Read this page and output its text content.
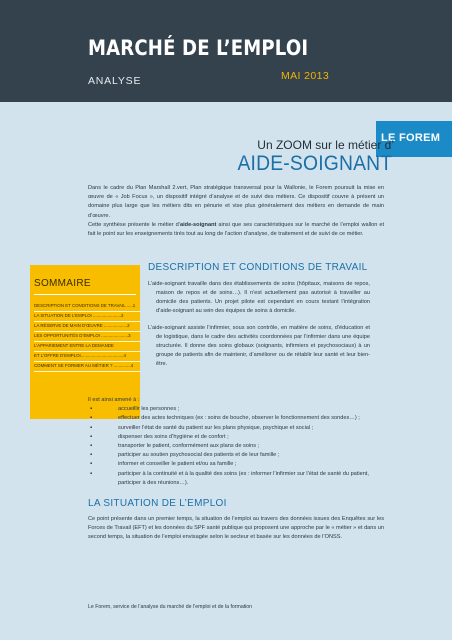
MARCHÉ DE L’EMPLOI
ANALYSE	MAI 2013
LE FOREM
Un ZOOM sur le métier d’
AIDE-SOIGNANT

Dans le cadre du Plan Marshall 2.vert, Plan stratégique transversal pour la Wallonie, le Forem poursuit la mise en œuvre de « Job Focus », un dispositif intégré d’analyse et de suivi des métiers. Ce dispositif couvre à présent un domaine plus large que les métiers dits en pénurie et vise plus généralement des métiers en demande de main d’œuvre.

Cette synthèse présente le métier d’aide-soignant ainsi que ses caractéristiques sur le marché de l’emploi wallon et fait le point sur les enseignements tirés tout au long de l’action d’analyse, de traitement et de suivi de ce métier.

SOMMAIRE
DESCRIPTION ET CONDITIONS DE TRAVAIL .....1
LA SITUATION DE L’EMPLOI .......................2
LA RÉSERVE DE MAIN D’ŒUVRE ...................2
LES OPPORTUNITÉS D’EMPLOI ......................3
L’APPARIEMENT ENTRE LA DEMANDE
ET L’OFFRE D’EMPLOI...................................4
COMMENT SE FORMER AU MÉTIER ? ..............4
DESCRIPTION ET CONDITIONS DE TRAVAIL

L’aide-soignant travaille dans des établissements de soins (hôpitaux, maisons de repos, maison de repos et de soins…). Il n’est actuellement pas autorisé à travailler au domicile des patients. Un projet pilote est cependant en cours testant l’intégration d’aide-soignant au sein des équipes de soins à domicile.

L’aide-soignant assiste l’infirmier, sous son contrôle, en matière de soins, d’éducation et de logistique, dans le cadre des activités coordonnées par l’infirmier dans une équipe structurée. Il donne des soins globaux (soignants, infirmiers et psychosociaux) à un groupe de patients afin de maintenir, d’améliorer ou de rétablir leur santé et leur bien-être.

Il est ainsi amené à :

▪ accueillir les personnes ;
▪ effectuer des actes techniques (ex : soins de bouche, observer le fonctionnement des sondes…) ;
▪ surveiller l’état de santé du patient sur les plans physique, psychique et social ;
▪ dispenser des soins d’hygiène et de confort ;
▪ transporter le patient, conformément aux plans de soins ;
▪ participer au soutien psychosocial des patients et de leur famille ;
▪ informer et conseiller le patient et/ou sa famille ;
▪ participer à la continuité et à la qualité des soins (ex : informer l’infirmier sur l’état de santé du patient, participer à des réunions…).
LA SITUATION DE L’EMPLOI

Ce point présente dans un premier temps, la situation de l’emploi au travers des données issues des Enquêtes sur les Forces de Travail (EFT) et les données du SPF santé publique qui proposent une approche par le « métier » et dans un second temps, la situation de l’emploi envisagée selon le secteur et basée sur les données de l’ONSS.

Le Forem, service de l’analyse du marché de l’emploi et de la formation
